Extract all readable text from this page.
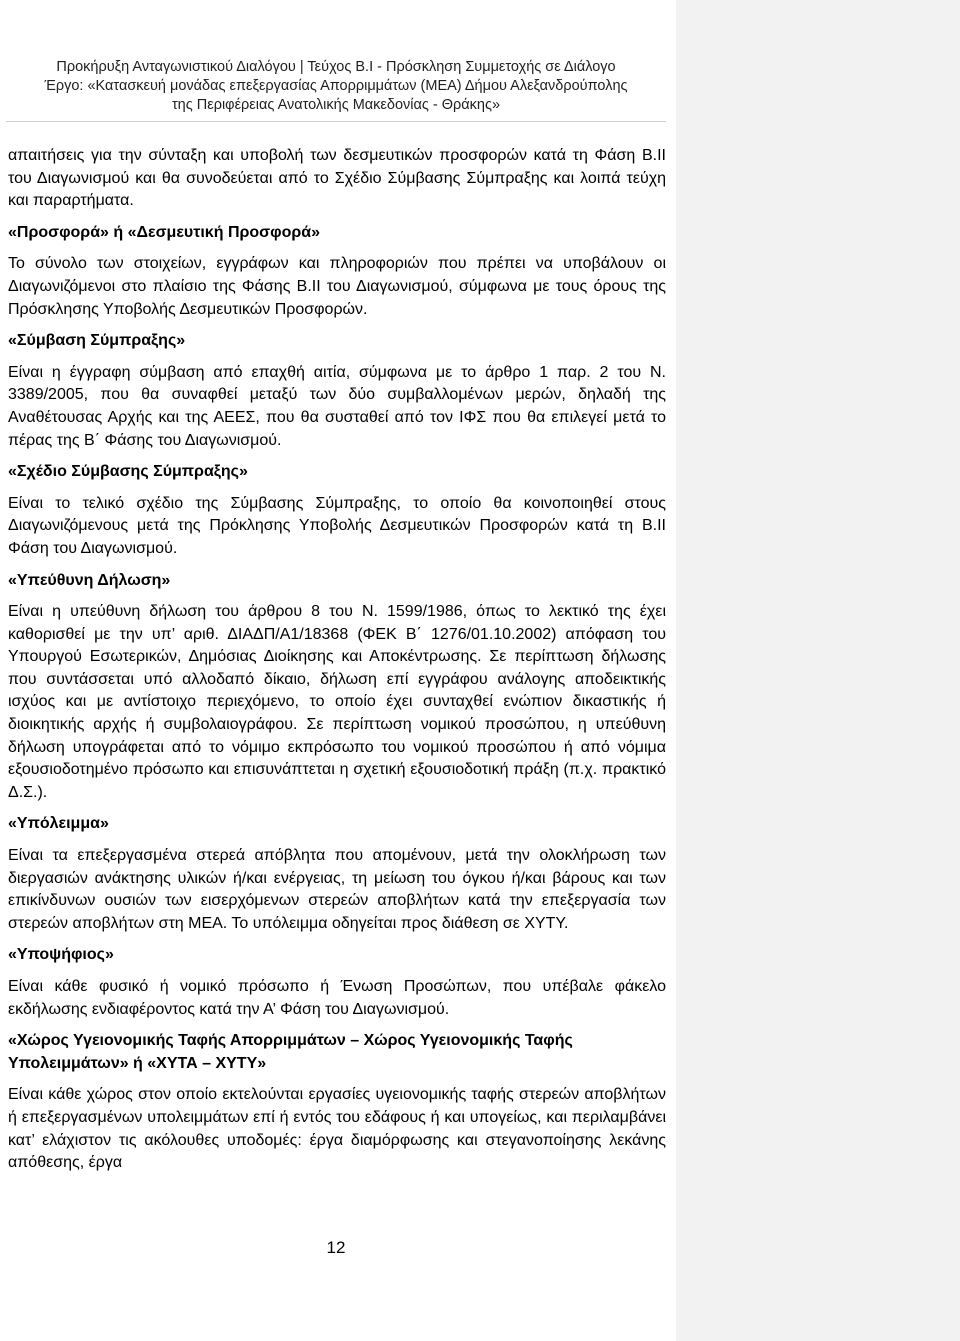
Προκήρυξη Ανταγωνιστικού Διαλόγου | Τεύχος Β.Ι - Πρόσκληση Συμμετοχής σε Διάλογο
Έργο: «Κατασκευή μονάδας επεξεργασίας Απορριμμάτων (ΜΕΑ) Δήμου Αλεξανδρούπολης
της Περιφέρειας Ανατολικής Μακεδονίας - Θράκης»

απαιτήσεις για την σύνταξη και υποβολή των δεσμευτικών προσφορών κατά τη Φάση Β.ΙΙ του Διαγωνισμού και θα συνοδεύεται από το Σχέδιο Σύμβασης Σύμπραξης και λοιπά τεύχη και παραρτήματα.

«Προσφορά» ή «Δεσμευτική Προσφορά»

Το σύνολο των στοιχείων, εγγράφων και πληροφοριών που πρέπει να υποβάλουν οι Διαγωνιζόμενοι στο πλαίσιο της Φάσης Β.ΙΙ του Διαγωνισμού, σύμφωνα με τους όρους της Πρόσκλησης Υποβολής Δεσμευτικών Προσφορών.

«Σύμβαση Σύμπραξης»

Είναι η έγγραφη σύμβαση από επαχθή αιτία, σύμφωνα με το άρθρο 1 παρ. 2 του Ν. 3389/2005, που θα συναφθεί μεταξύ των δύο συμβαλλομένων μερών, δηλαδή της Αναθέτουσας Αρχής και της ΑΕΕΣ, που θα συσταθεί από τον ΙΦΣ που θα επιλεγεί μετά το πέρας της Β΄ Φάσης του Διαγωνισμού.

«Σχέδιο Σύμβασης Σύμπραξης»

Είναι το τελικό σχέδιο της Σύμβασης Σύμπραξης, το οποίο θα κοινοποιηθεί στους Διαγωνιζόμενους μετά της Πρόκλησης Υποβολής Δεσμευτικών Προσφορών κατά τη Β.ΙΙ Φάση του Διαγωνισμού.

«Υπεύθυνη Δήλωση»

Είναι η υπεύθυνη δήλωση του άρθρου 8 του Ν. 1599/1986, όπως το λεκτικό της έχει καθορισθεί με την υπ’ αριθ. ΔΙΑΔΠ/Α1/18368 (ΦΕΚ Β΄ 1276/01.10.2002) απόφαση του Υπουργού Εσωτερικών, Δημόσιας Διοίκησης και Αποκέντρωσης. Σε περίπτωση δήλωσης που συντάσσεται υπό αλλοδαπό δίκαιο, δήλωση επί εγγράφου ανάλογης αποδεικτικής ισχύος και με αντίστοιχο περιεχόμενο, το οποίο έχει συνταχθεί ενώπιον δικαστικής ή διοικητικής αρχής ή συμβολαιογράφου. Σε περίπτωση νομικού προσώπου, η υπεύθυνη δήλωση υπογράφεται από το νόμιμο εκπρόσωπο του νομικού προσώπου ή από νόμιμα εξουσιοδοτημένο πρόσωπο και επισυνάπτεται η σχετική εξουσιοδοτική πράξη (π.χ. πρακτικό Δ.Σ.).

«Υπόλειμμα»

Είναι τα επεξεργασμένα στερεά απόβλητα που απομένουν, μετά την ολοκλήρωση των διεργασιών ανάκτησης υλικών ή/και ενέργειας, τη μείωση του όγκου ή/και βάρους και των επικίνδυνων ουσιών των εισερχόμενων στερεών αποβλήτων κατά την επεξεργασία των στερεών αποβλήτων στη ΜΕΑ. Το υπόλειμμα οδηγείται προς διάθεση σε ΧΥΤΥ.

«Υποψήφιος»

Είναι κάθε φυσικό ή νομικό πρόσωπο ή Ένωση Προσώπων, που υπέβαλε φάκελο εκδήλωσης ενδιαφέροντος κατά την Α’ Φάση του Διαγωνισμού.

«Χώρος Υγειονομικής Ταφής Απορριμμάτων – Χώρος Υγειονομικής Ταφής Υπολειμμάτων» ή «ΧΥΤΑ – ΧΥΤΥ»

Είναι κάθε χώρος στον οποίο εκτελούνται εργασίες υγειονομικής ταφής στερεών αποβλήτων ή επεξεργασμένων υπολειμμάτων επί ή εντός του εδάφους ή και υπογείως, και περιλαμβάνει κατ’ ελάχιστον τις ακόλουθες υποδομές: έργα διαμόρφωσης και στεγανοποίησης λεκάνης απόθεσης, έργα

12
